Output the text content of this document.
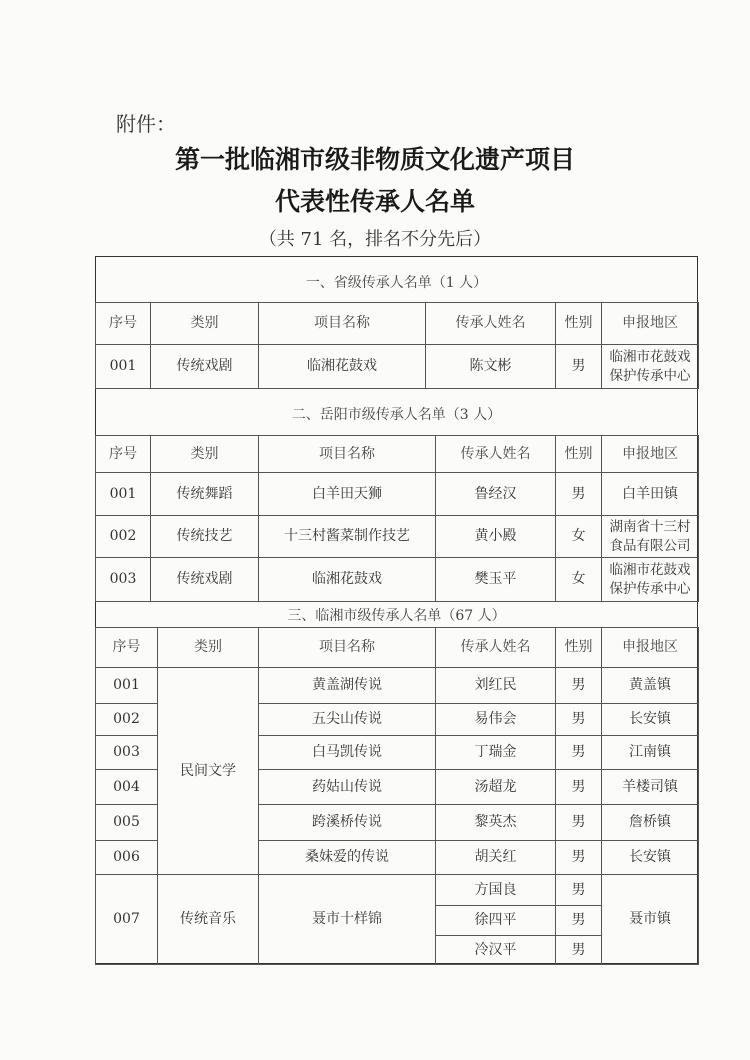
附件：
第一批临湘市级非物质文化遗产项目
代表性传承人名单
（共 71 名，排名不分先后）
一、省级传承人名单（1 人）
序号	类别	项目名称	传承人姓名	性别	申报地区
001	传统戏剧	临湘花鼓戏	陈文彬	男	临湘市花鼓戏
保护传承中心
二、岳阳市级传承人名单（3 人）
序号	类别	项目名称	传承人姓名	性别	申报地区
001	传统舞蹈	白羊田天狮	鲁经汉	男	白羊田镇
002	传统技艺	十三村酱菜制作技艺	黄小殿	女	湖南省十三村
食品有限公司

003	传统戏剧	临湘花鼓戏	樊玉平	女	临湘市花鼓戏
保护传承中心
三、临湘市级传承人名单（67 人）
序号	类别	项目名称	传承人姓名	性别	申报地区
001	民间文学	黄盖湖传说	刘红民	男	黄盖镇
002		五尖山传说	易伟会	男	长安镇
003		白马凯传说	丁瑞金	男	江南镇
004		药姑山传说	汤超龙	男	羊楼司镇
005		跨溪桥传说	黎英杰	男	詹桥镇
006		桑妹爱的传说	胡关红	男	长安镇
007	传统音乐	聂市十样锦	方国良	男	聂市镇
			徐四平	男	
			冷汉平	男	
